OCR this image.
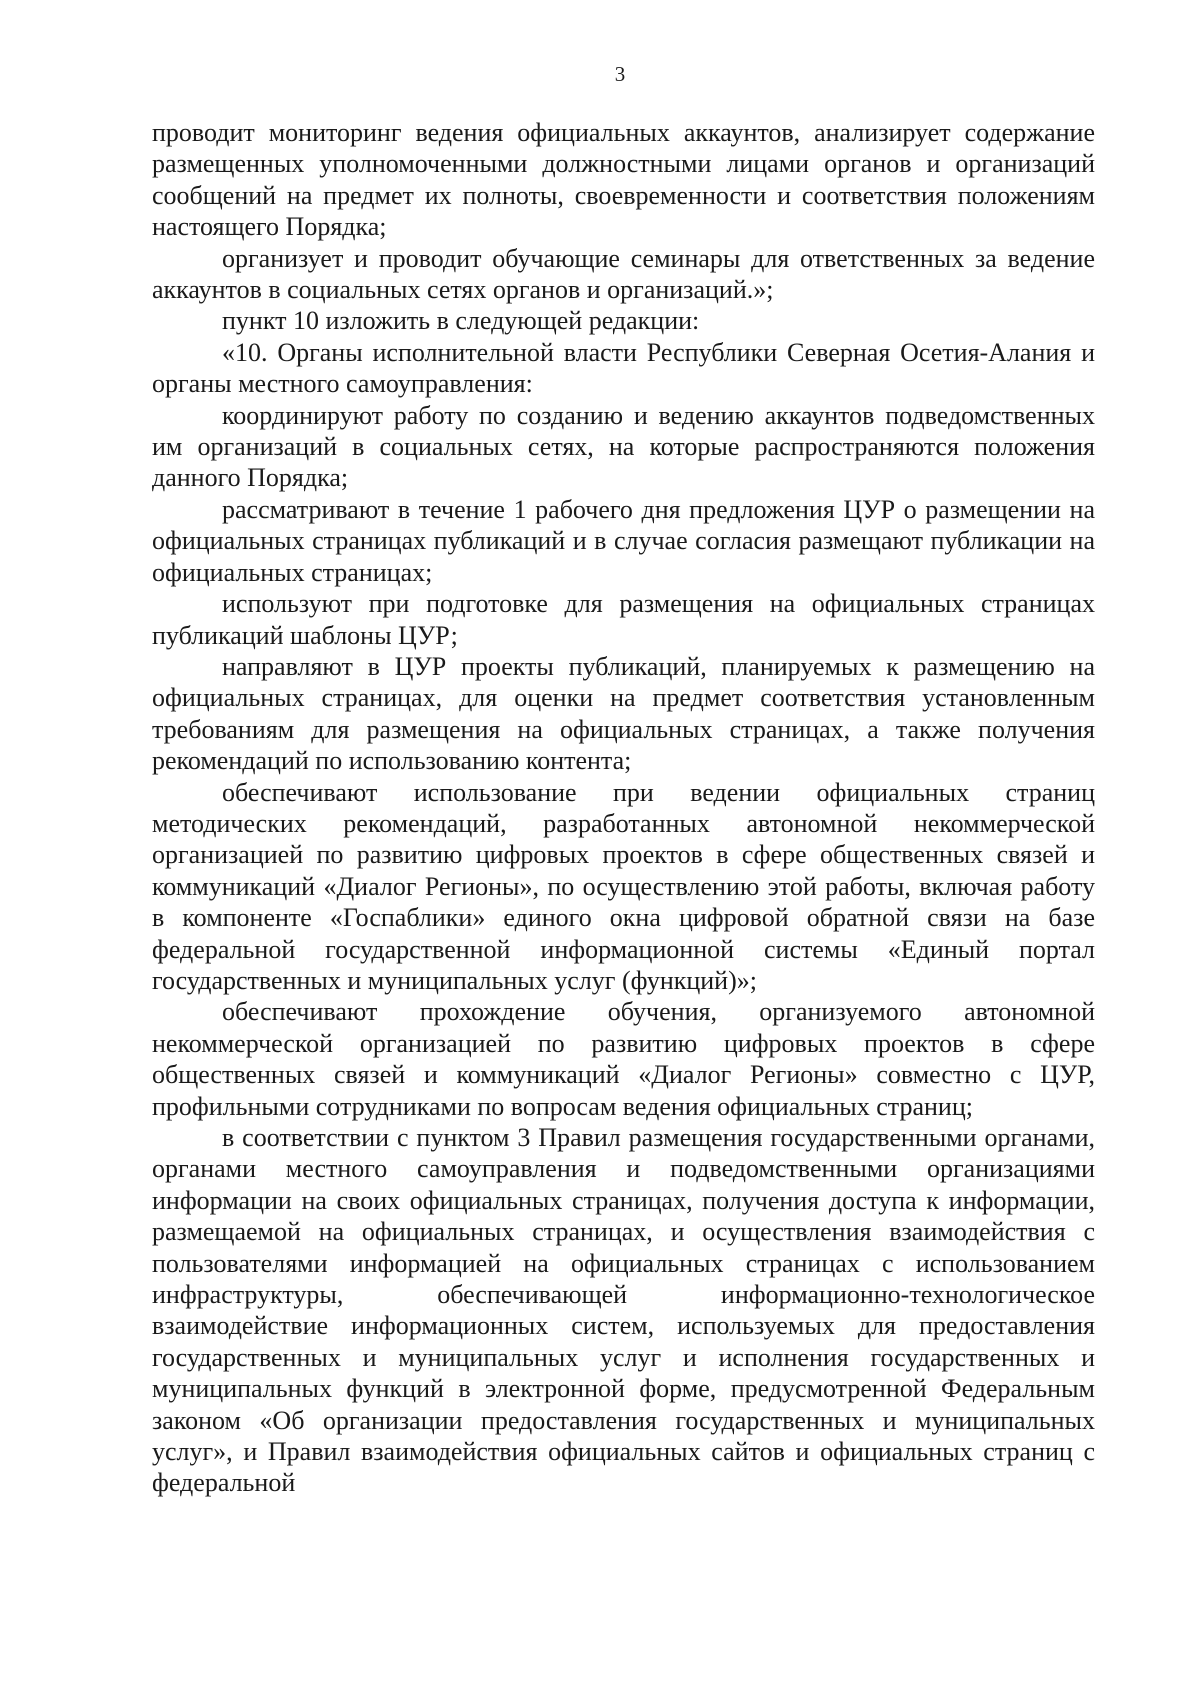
3

проводит мониторинг ведения официальных аккаунтов, анализирует содержание размещенных уполномоченными должностными лицами органов и организаций сообщений на предмет их полноты, своевременности и соответствия положениям настоящего Порядка;

организует и проводит обучающие семинары для ответственных за ведение аккаунтов в социальных сетях органов и организаций.»;

пункт 10 изложить в следующей редакции:

«10. Органы исполнительной власти Республики Северная Осетия-Алания и органы местного самоуправления:

координируют работу по созданию и ведению аккаунтов подведомственных им организаций в социальных сетях, на которые распространяются положения данного Порядка;

рассматривают в течение 1 рабочего дня предложения ЦУР о размещении на официальных страницах публикаций и в случае согласия размещают публикации на официальных страницах;

используют при подготовке для размещения на официальных страницах публикаций шаблоны ЦУР;

направляют в ЦУР проекты публикаций, планируемых к размещению на официальных страницах, для оценки на предмет соответствия установленным требованиям для размещения на официальных страницах, а также получения рекомендаций по использованию контента;

обеспечивают использование при ведении официальных страниц методических рекомендаций, разработанных автономной некоммерческой организацией по развитию цифровых проектов в сфере общественных связей и коммуникаций «Диалог Регионы», по осуществлению этой работы, включая работу в компоненте «Госпаблики» единого окна цифровой обратной связи на базе федеральной государственной информационной системы «Единый портал государственных и муниципальных услуг (функций)»;

обеспечивают прохождение обучения, организуемого автономной некоммерческой организацией по развитию цифровых проектов в сфере общественных связей и коммуникаций «Диалог Регионы» совместно с ЦУР, профильными сотрудниками по вопросам ведения официальных страниц;

в соответствии с пунктом 3 Правил размещения государственными органами, органами местного самоуправления и подведомственными организациями информации на своих официальных страницах, получения доступа к информации, размещаемой на официальных страницах, и осуществления взаимодействия с пользователями информацией на официальных страницах с использованием инфраструктуры, обеспечивающей информационно-технологическое взаимодействие информационных систем, используемых для предоставления государственных и муниципальных услуг и исполнения государственных и муниципальных функций в электронной форме, предусмотренной Федеральным законом «Об организации предоставления государственных и муниципальных услуг», и Правил взаимодействия официальных сайтов и официальных страниц с федеральной
